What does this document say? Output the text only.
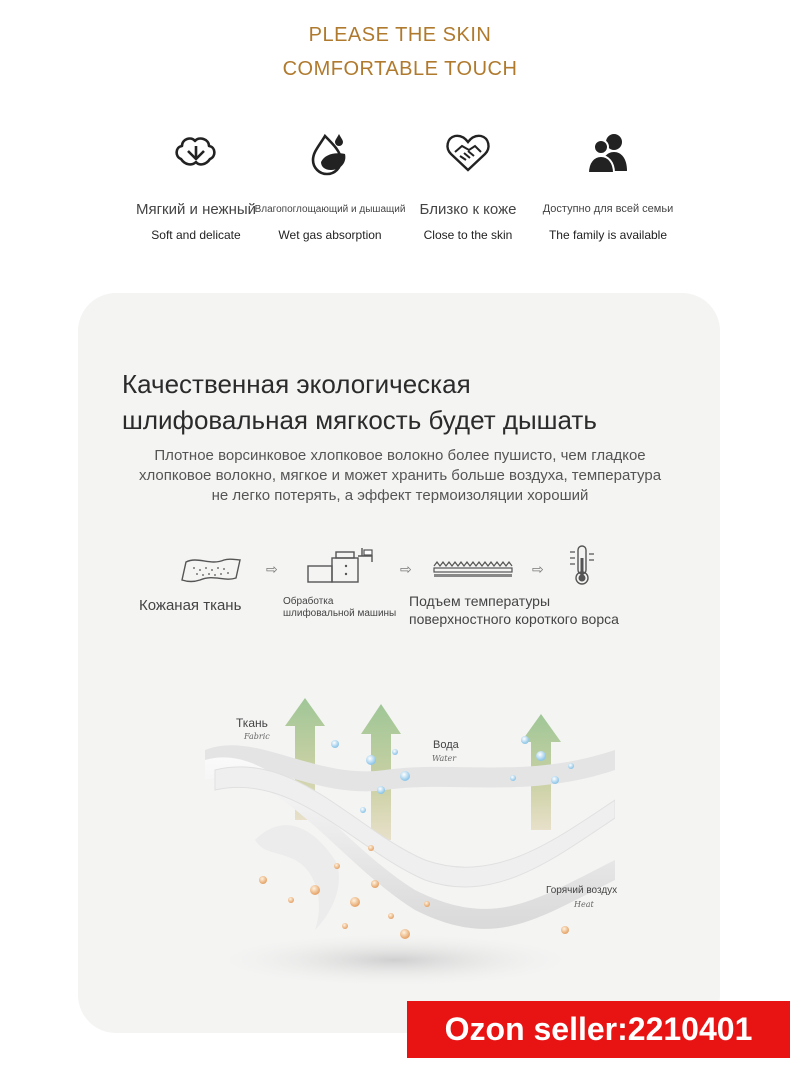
PLEASE THE SKIN
COMFORTABLE TOUCH
Мягкий и нежный
Soft and delicate
Влагопоглощающий и дышащий
Wet gas absorption
Близко к коже
Close to the skin
Доступно для всей семьи
The family is available
Качественная экологическая
шлифовальная мягкость будет дышать
Плотное ворсинковое хлопковое волокно более пушисто, чем гладкое
хлопковое волокно, мягкое и может хранить больше воздуха, температура
не легко потерять, а эффект термоизоляции хороший
⇨	⇨	⇨
Кожаная ткань	Обработка
шлифовальной машины
Подъем температуры
поверхностного короткого ворса
Ткань
Fabric
Вода
Water
Горячий воздух
Heat
Ozon seller:2210401
